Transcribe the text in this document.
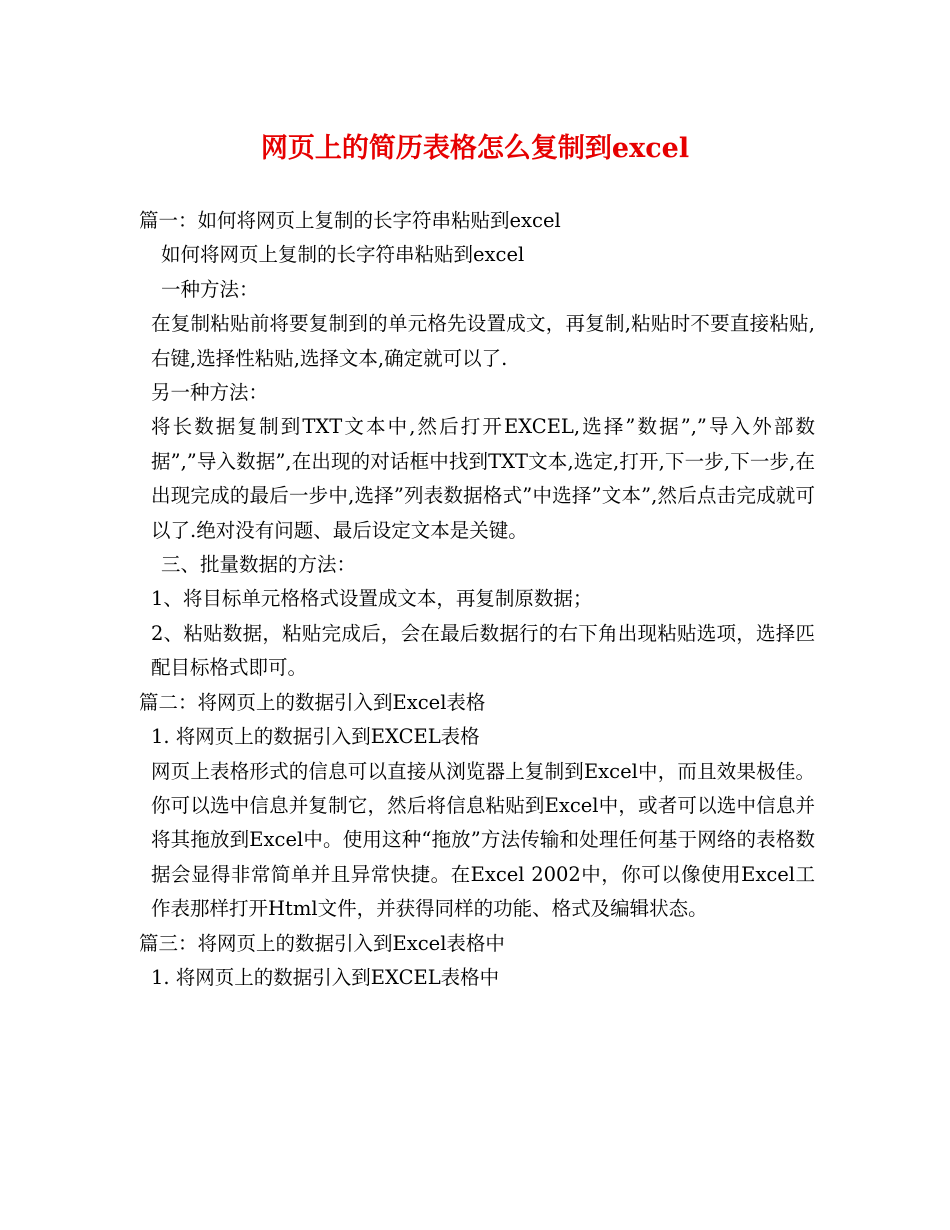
网页上的简历表格怎么复制到excel

篇一：如何将网页上复制的长字符串粘贴到excel

如何将网页上复制的长字符串粘贴到excel

一种方法：

在复制粘贴前将要复制到的单元格先设置成文，再复制,粘贴时不要直接粘贴,右键,选择性粘贴,选择文本,确定就可以了.

另一种方法：

将长数据复制到TXT文本中,然后打开EXCEL,选择”数据”,”导入外部数据”,”导入数据”,在出现的对话框中找到TXT文本,选定,打开,下一步,下一步,在出现完成的最后一步中,选择”列表数据格式”中选择”文本”,然后点击完成就可以了.绝对没有问题、最后设定文本是关键。

三、批量数据的方法：

1、将目标单元格格式设置成文本，再复制原数据；

2、粘贴数据，粘贴完成后，会在最后数据行的右下角出现粘贴选项，选择匹配目标格式即可。

篇二：将网页上的数据引入到Excel表格

1. 将网页上的数据引入到EXCEL表格

网页上表格形式的信息可以直接从浏览器上复制到Excel中，而且效果极佳。你可以选中信息并复制它，然后将信息粘贴到Excel中，或者可以选中信息并将其拖放到Excel中。使用这种“拖放”方法传输和处理任何基于网络的表格数据会显得非常简单并且异常快捷。在Excel 2002中，你可以像使用Excel工作表那样打开Html文件，并获得同样的功能、格式及编辑状态。

篇三：将网页上的数据引入到Excel表格中

1. 将网页上的数据引入到EXCEL表格中
